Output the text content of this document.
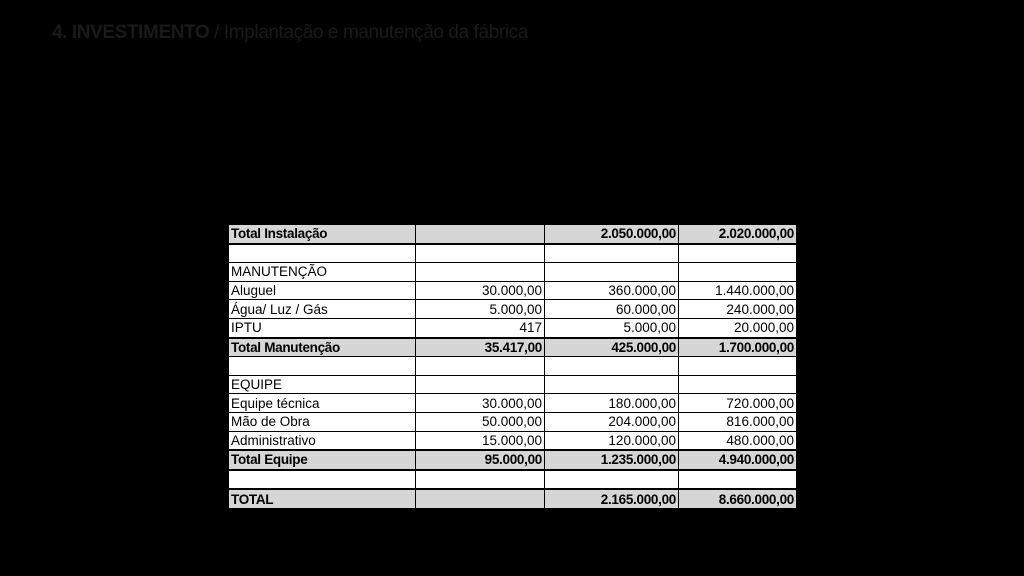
4. INVESTIMENTO / Implantação e manutenção da fábrica
Total Instalação		2.050.000,00	2.020.000,00

MANUTENÇÃO			
Aluguel	30.000,00	360.000,00	1.440.000,00
Água/ Luz / Gás	5.000,00	60.000,00	240.000,00
IPTU	417	5.000,00	20.000,00
Total Manutenção	35.417,00	425.000,00	1.700.000,00

EQUIPE			
Equipe técnica	30.000,00	180.000,00	720.000,00
Mão de Obra	50.000,00	204.000,00	816.000,00
Administrativo	15.000,00	120.000,00	480.000,00
Total Equipe	95.000,00	1.235.000,00	4.940.000,00

TOTAL		2.165.000,00	8.660.000,00
